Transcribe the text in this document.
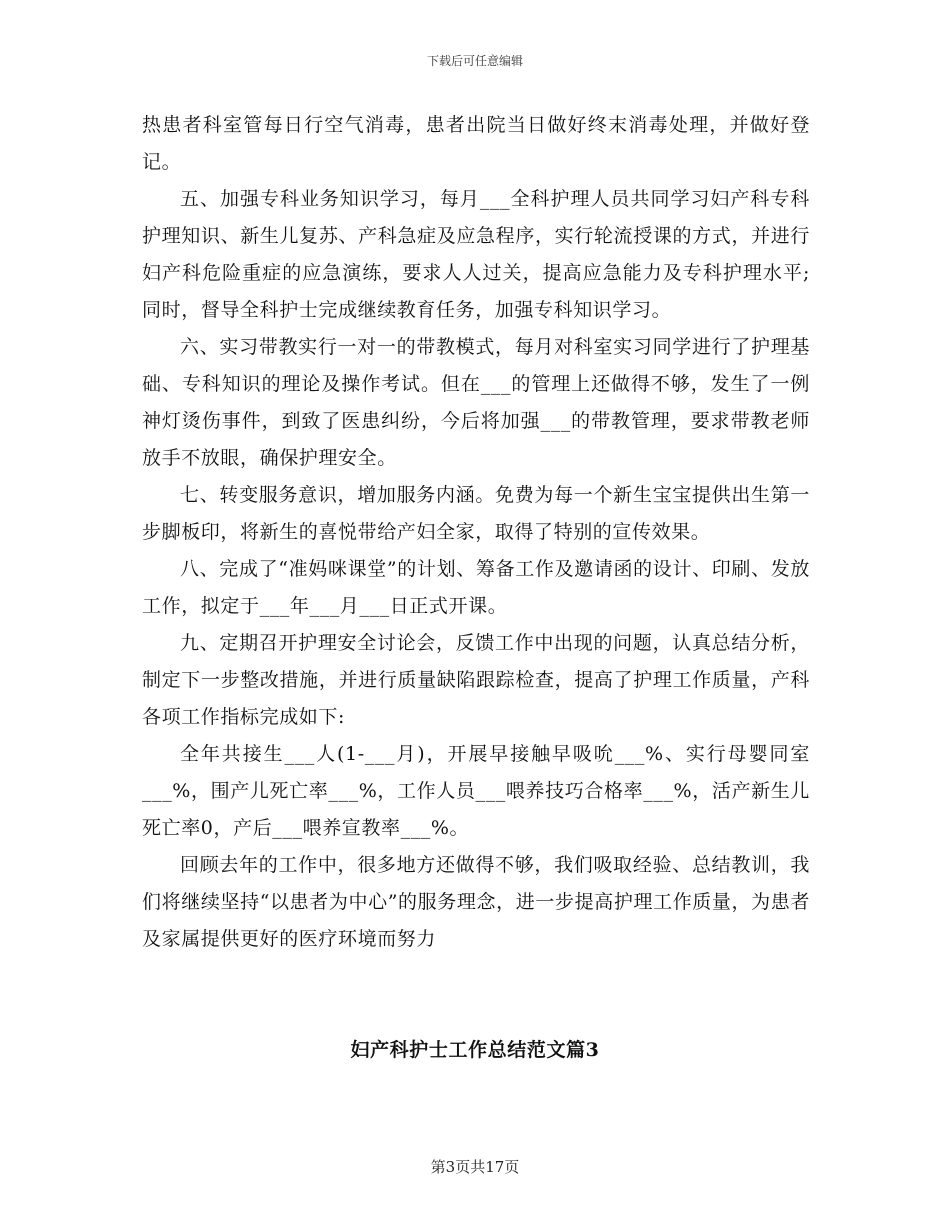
下载后可任意编辑

热患者科室管每日行空气消毒，患者出院当日做好终末消毒处理，并做好登记。

五、加强专科业务知识学习，每月___全科护理人员共同学习妇产科专科护理知识、新生儿复苏、产科急症及应急程序，实行轮流授课的方式，并进行妇产科危险重症的应急演练，要求人人过关，提高应急能力及专科护理水平;同时，督导全科护士完成继续教育任务，加强专科知识学习。

六、实习带教实行一对一的带教模式，每月对科室实习同学进行了护理基础、专科知识的理论及操作考试。但在___的管理上还做得不够，发生了一例神灯烫伤事件，到致了医患纠纷，今后将加强___的带教管理，要求带教老师放手不放眼，确保护理安全。

七、转变服务意识，增加服务内涵。免费为每一个新生宝宝提供出生第一步脚板印，将新生的喜悦带给产妇全家，取得了特别的宣传效果。

八、完成了“准妈咪课堂”的计划、筹备工作及邀请函的设计、印刷、发放工作，拟定于___年___月___日正式开课。

九、定期召开护理安全讨论会，反馈工作中出现的问题，认真总结分析，制定下一步整改措施，并进行质量缺陷跟踪检查，提高了护理工作质量，产科各项工作指标完成如下:

全年共接生___人(1-___月)，开展早接触早吸吮___%、实行母婴同室___%，围产儿死亡率___%，工作人员___喂养技巧合格率___%，活产新生儿死亡率0，产后___喂养宣教率___%。

回顾去年的工作中，很多地方还做得不够，我们吸取经验、总结教训，我们将继续坚持“以患者为中心”的服务理念，进一步提高护理工作质量，为患者及家属提供更好的医疗环境而努力

妇产科护士工作总结范文篇3
第3页共17页
